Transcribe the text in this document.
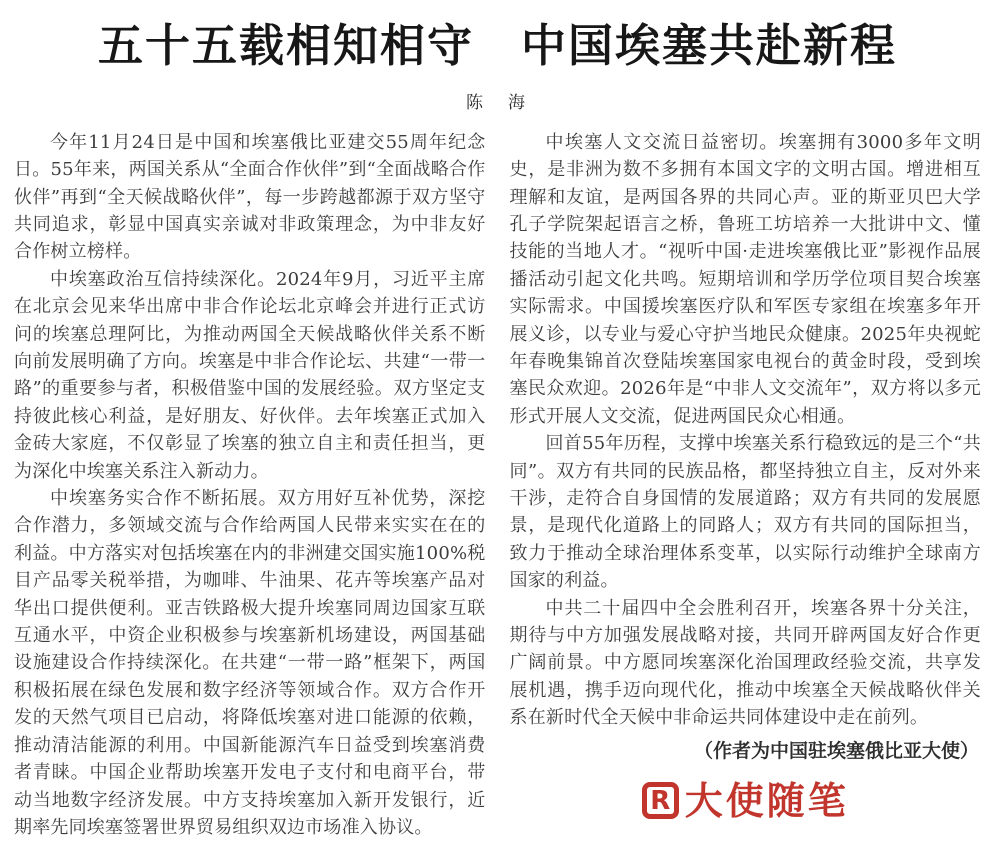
五十五载相知相守　中国埃塞共赴新程
陈　海

今年11月24日是中国和埃塞俄比亚建交55周年纪念日。55年来，两国关系从“全面合作伙伴”到“全面战略合作伙伴”再到“全天候战略伙伴”，每一步跨越都源于双方坚守共同追求，彰显中国真实亲诚对非政策理念，为中非友好合作树立榜样。

中埃塞政治互信持续深化。2024年9月，习近平主席在北京会见来华出席中非合作论坛北京峰会并进行正式访问的埃塞总理阿比，为推动两国全天候战略伙伴关系不断向前发展明确了方向。埃塞是中非合作论坛、共建“一带一路”的重要参与者，积极借鉴中国的发展经验。双方坚定支持彼此核心利益，是好朋友、好伙伴。去年埃塞正式加入金砖大家庭，不仅彰显了埃塞的独立自主和责任担当，更为深化中埃塞关系注入新动力。

中埃塞务实合作不断拓展。双方用好互补优势，深挖合作潜力，多领域交流与合作给两国人民带来实实在在的利益。中方落实对包括埃塞在内的非洲建交国实施100%税目产品零关税举措，为咖啡、牛油果、花卉等埃塞产品对华出口提供便利。亚吉铁路极大提升埃塞同周边国家互联互通水平，中资企业积极参与埃塞新机场建设，两国基础设施建设合作持续深化。在共建“一带一路”框架下，两国积极拓展在绿色发展和数字经济等领域合作。双方合作开发的天然气项目已启动，将降低埃塞对进口能源的依赖，推动清洁能源的利用。中国新能源汽车日益受到埃塞消费者青睐。中国企业帮助埃塞开发电子支付和电商平台，带动当地数字经济发展。中方支持埃塞加入新开发银行，近期率先同埃塞签署世界贸易组织双边市场准入协议。

中埃塞人文交流日益密切。埃塞拥有3000多年文明史，是非洲为数不多拥有本国文字的文明古国。增进相互理解和友谊，是两国各界的共同心声。亚的斯亚贝巴大学孔子学院架起语言之桥，鲁班工坊培养一大批讲中文、懂技能的当地人才。“视听中国·走进埃塞俄比亚”影视作品展播活动引起文化共鸣。短期培训和学历学位项目契合埃塞实际需求。中国援埃塞医疗队和军医专家组在埃塞多年开展义诊，以专业与爱心守护当地民众健康。2025年央视蛇年春晚集锦首次登陆埃塞国家电视台的黄金时段，受到埃塞民众欢迎。2026年是“中非人文交流年”，双方将以多元形式开展人文交流，促进两国民众心相通。

回首55年历程，支撑中埃塞关系行稳致远的是三个“共同”。双方有共同的民族品格，都坚持独立自主，反对外来干涉，走符合自身国情的发展道路；双方有共同的发展愿景，是现代化道路上的同路人；双方有共同的国际担当，致力于推动全球治理体系变革，以实际行动维护全球南方国家的利益。

中共二十届四中全会胜利召开，埃塞各界十分关注，期待与中方加强发展战略对接，共同开辟两国友好合作更广阔前景。中方愿同埃塞深化治国理政经验交流，共享发展机遇，携手迈向现代化，推动中埃塞全天候战略伙伴关系在新时代全天候中非命运共同体建设中走在前列。

（作者为中国驻埃塞俄比亚大使）
R 大使随笔
